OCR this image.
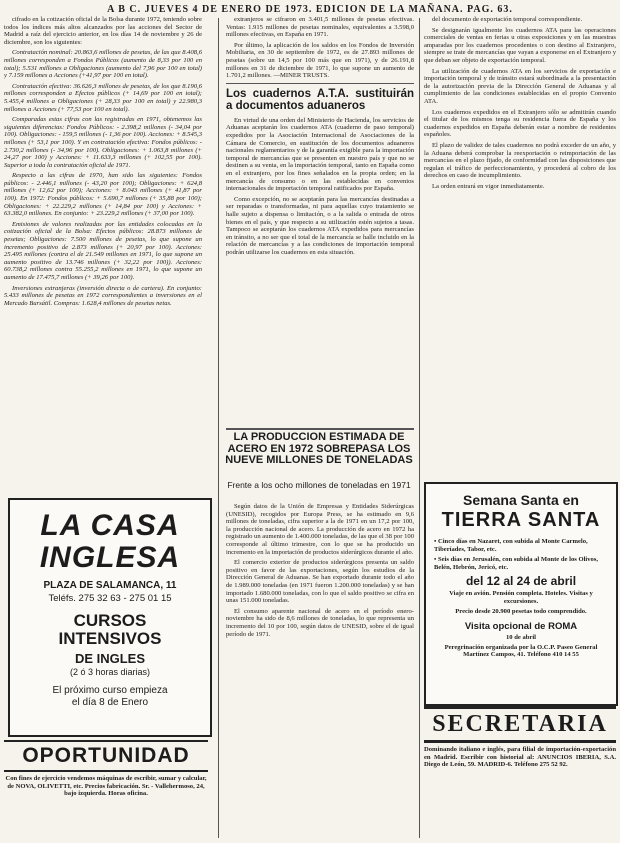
A B C. JUEVES 4 DE ENERO DE 1973. EDICION DE LA MAÑANA. PAG. 63.

cifrado en la cotización oficial de la Bolsa durante 1972, teniendo sobre todos los índices más altos alcanzados por las acciones del Sector de Madrid a raíz del ejercicio anterior, en los días 14 de noviembre y 26 de diciembre, son los siguientes:

Contratación nominal: 20.863,6 millones de pesetas, de las que 8.408,6 millones corresponden a Fondos Públicos (aumento de 8,33 por 100 en total); 5.531 millones a Obligaciones (aumento del 7,96 por 100 en total) y 7.159 millones a Acciones (+41,97 por 100 en total).

Contratación efectiva: 36.626,3 millones de pesetas, de los que 8.190,6 millones corresponden a Efectos públicos (+ 14,69 por 100 en total); 5.455,4 millones a Obligaciones (+ 28,33 por 100 en total) y 22.980,3 millones a Acciones (+ 77,53 por 100 en total).

Comparadas estas cifras con las registradas en 1971, obtenemos las siguientes diferencias: Fondos Públicos: - 2.398,2 millones (- 34,04 por 100). Obligaciones: - 159,5 millones (- 1,36 por 100). Acciones: + 8.545,3 millones (+ 53,1 por 100). Y en contratación efectiva: Fondos públicos: - 2.730,2 millones (- 34,96 por 100). Obligaciones: + 1.063,8 millones (+ 24,27 por 100) y Acciones: + 11.633,3 millones (+ 102,55 por 100). Superior a toda la contratación oficial de 1971.

Respecto a las cifras de 1970, han sido las siguientes: Fondos públicos: - 2.446,1 millones (- 43,20 por 100); Obligaciones: + 624,8 millones (+ 12,62 por 100); Acciones: + 8.043 millones (+ 41,87 por 100). En 1972: Fondos públicos: + 5.690,7 millones (+ 35,88 por 100); Obligaciones: + 22.229,2 millones (+ 14,84 por 100) y Acciones: + 63.382,0 millones. En conjunto: + 23.229,2 millones (+ 37,00 por 100).

Emisiones de valores realizadas por las entidades colocadas en la cotización oficial de la Bolsa: Efectos públicos: 28.873 millones de pesetas; Obligaciones: 7.500 millones de pesetas, lo que supone un incremento positivo de 2.873 millones (+ 20,97 por 100). Acciones: 25.495 millones (contra el de 21.549 millones en 1971, lo que supone un aumento positivo de 13.746 millones (+ 32,22 por 100)). Acciones: 60.738,2 millones contra 55.255,2 millones en 1971, lo que supone un aumento de 17.475,7 millones (+ 39,26 por 100).

Inversiones extranjeras (inversión directa o de cartera). En conjunto: 5.433 millones de pesetas en 1972 correspondientes a inversiones en el Mercado Bursátil. Compras: 1.628,4 millones de pesetas netas.

extranjeros se cifraron en 3.401,5 millones de pesetas efectivas. Ventas: 1.915 millones de pesetas nominales, equivalentes a 3.598,0 millones efectivas, en España en 1971.

Por último, la aplicación de los saldos en los Fondos de Inversión Mobiliaria, en 30 de septiembre de 1972, es de 27.893 millones de pesetas (sobre un 14,5 por 100 más que en 1971), y de 26.191,8 millones en 31 de diciembre de 1971, lo que supone un aumento de 1.701,2 millones. —MINER TRUSTS.

Los cuadernos A.T.A. sustituirán a documentos aduaneros

En virtud de una orden del Ministerio de Hacienda, los servicios de Aduanas aceptarán los cuadernos ATA (cuaderno de paso temporal) expedidos por la Asociación Internacional de Asociaciones de la Cámara de Comercio, en sustitución de los documentos aduaneros nacionales reglamentarios y de la garantía exigible para la importación temporal de mercancías que se presenten en nuestro país y que no se destinen a su venta, en la importación temporal, tanto en España como en el extranjero, por los fines señalados en la propia orden; en la mercancía de consumo o en las establecidas en convenios internacionales de importación temporal ratificados por España.

Como excepción, no se aceptarán para las mercancías destinadas a ser reparadas o transformadas, ni para aquellas cuyo tratamiento se halle sujeto a dispensa o limitación, o a la salida o entrada de otros bienes en el país, y que respecto a su utilización estén sujetos a tasas. Tampoco se aceptarán los cuadernos ATA expedidos para mercancías en tránsito, a no ser que el total de la mercancía se halle incluido en la relación de mercancías y a las condiciones de importación temporal podrán utilizarse los cuadernos en esta situación.

LA PRODUCCION ESTIMADA DE ACERO EN 1972 SOBREPASA LOS NUEVE MILLONES DE TONELADAS
Frente a los ocho millones de toneladas en 1971

Según datos de la Unión de Empresas y Entidades Siderúrgicas (UNESID), recogidos por Europa Press, se ha estimado en 9,6 millones de toneladas, cifra superior a la de 1971 en un 17,2 por 100, la producción nacional de acero. La producción de acero en 1972 ha registrado un aumento de 1.400.000 toneladas, de las que el 38 por 100 corresponde al último trimestre, con lo que se ha producido un incremento en la importación de productos siderúrgicos durante el año.

El comercio exterior de productos siderúrgicos presenta un saldo positivo en favor de las exportaciones, según los estudios de la Dirección General de Aduanas. Se han exportado durante todo el año de 1.989.000 toneladas (en 1971 fueron 1.200.000 toneladas) y se han importado 1.680.000 toneladas, con lo que el saldo positivo se cifra en unas 151.000 toneladas.

El consumo aparente nacional de acero en el período enero-noviembre ha sido de 8,6 millones de toneladas, lo que representa un incremento del 10 por 100, según datos de UNESID, sobre el de igual período de 1971.

del documento de exportación temporal correspondiente.

Se designarán igualmente los cuadernos ATA para las operaciones comerciales de ventas en ferias u otras exposiciones y en las muestras amparadas por los cuadernos procedentes o con destino al Extranjero, siempre se trate de mercancías que vayan a exponerse en el Extranjero y que deban ser objeto de exportación temporal.

La utilización de cuadernos ATA en los servicios de exportación e importación temporal y de tránsito estará subordinada a la presentación de la autorización previa de la Dirección General de Aduanas y al cumplimiento de las condiciones establecidas en el propio Convenio ATA.

Los cuadernos expedidos en el Extranjero sólo se admitirán cuando el titular de los mismos tenga su residencia fuera de España y los cuadernos expedidos en España deberán estar a nombre de residentes españoles.

El plazo de validez de tales cuadernos no podrá exceder de un año, y la Aduana deberá comprobar la reexportación o reimportación de las mercancías en el plazo fijado, de conformidad con las disposiciones que regulan el tráfico de perfeccionamiento, y procederá al cobro de los derechos en caso de incumplimiento.

La orden entrará en vigor inmediatamente.

LA CASA
INGLESA
PLAZA DE SALAMANCA, 11
Teléfs. 275 32 63 - 275 01 15
CURSOS
INTENSIVOS
DE INGLES
(2 ó 3 horas diarias)
El próximo curso empieza
el día 8 de Enero
OPORTUNIDAD
Con fines de ejercicio vendemos máquinas de escribir, sumar y calcular, de NOVA, OLIVETTI, etc. Precios fabricación. Sr. - Vallehermoso, 24, bajo izquierda. Horas oficina.
Semana Santa en
TIERRA SANTA
• Cinco días en Nazaret, con subida al Monte Carmelo, Tiberíades, Tabor, etc.
• Seis días en Jerusalén, con subida al Monte de los Olivos, Belén, Hebrón, Jericó, etc.
del 12 al 24 de abril
Viaje en avión. Pensión completa. Hoteles. Visitas y excursiones.
Precio desde 20.900 pesetas todo comprendido.
Visita opcional de ROMA
10 de abril
Peregrinación organizada por la O.C.P. Paseo General Martínez Campos, 41. Teléfono 410 14 55
SECRETARIA
Dominando italiano e inglés, para filial de importación-exportación en Madrid. Escribir con historial al: ANUNCIOS IBERIA, S.A. Diego de León, 59. MADRID-6. Teléfono 275 52 92.
